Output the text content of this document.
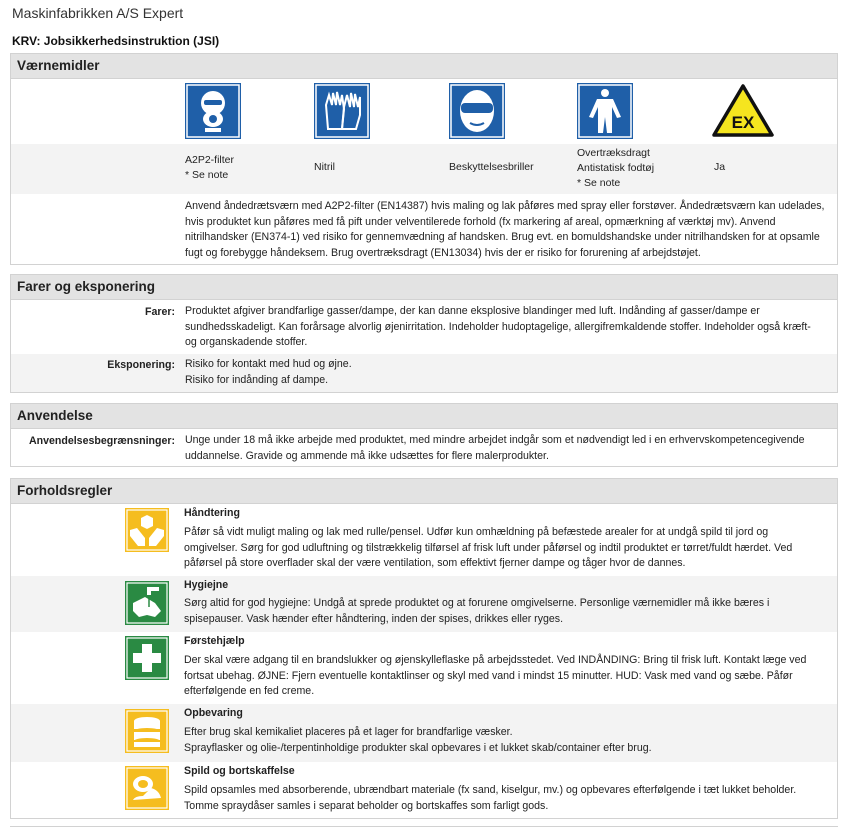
Maskinfabrikken A/S Expert
KRV: Jobsikkerhedsinstruktion (JSI)
Værnemidler
EX
A2P2-filter
* Se note
Nitril	Beskyttelsesbriller
Overtræksdragt
Antistatisk fodtøj
* Se note
Ja
Anvend åndedrætsværn med A2P2-filter (EN14387) hvis maling og lak påføres med spray eller forstøver. Åndedrætsværn kan udelades, hvis produktet kun påføres med få pift under velventilerede forhold (fx markering af areal, opmærkning af værktøj mv). Anvend nitrilhandsker (EN374-1) ved risiko for gennemvædning af handsken. Brug evt. en bomuldshandske under nitrilhandsken for at opsamle fugt og forebygge håndeksem. Brug overtræksdragt (EN13034) hvis der er risiko for forurening af arbejdstøjet.
Farer og eksponering
Farer: Produktet afgiver brandfarlige gasser/dampe, der kan danne eksplosive blandinger med luft. Indånding af gasser/dampe er sundhedsskadeligt. Kan forårsage alvorlig øjenirritation. Indeholder hudoptagelige, allergifremkaldende stoffer. Indeholder også kræft- og organskadende stoffer.
Eksponering: Risiko for kontakt med hud og øjne.
Risiko for indånding af dampe.
Anvendelse
Anvendelsesbegrænsninger: Unge under 18 må ikke arbejde med produktet, med mindre arbejdet indgår som et nødvendigt led i en erhvervskompetencegivende uddannelse. Gravide og ammende må ikke udsættes for flere malerprodukter.
Forholdsregler
Håndtering
Påfør så vidt muligt maling og lak med rulle/pensel. Udfør kun omhældning på befæstede arealer for at undgå spild til jord og omgivelser. Sørg for god udluftning og tilstrækkelig tilførsel af frisk luft under påførsel og indtil produktet er tørret/fuldt hærdet. Ved påførsel på store overflader skal der være ventilation, som effektivt fjerner dampe og tåger hvor de dannes.
Hygiejne
Sørg altid for god hygiejne: Undgå at sprede produktet og at forurene omgivelserne. Personlige værnemidler må ikke bæres i spisepauser. Vask hænder efter håndtering, inden der spises, drikkes eller ryges.
Førstehjælp
Der skal være adgang til en brandslukker og øjenskylleflaske på arbejdsstedet. Ved INDÅNDING: Bring til frisk luft. Kontakt læge ved fortsat ubehag. ØJNE: Fjern eventuelle kontaktlinser og skyl med vand i mindst 15 minutter. HUD: Vask med vand og sæbe. Påfør efterfølgende en fed creme.
Opbevaring
Efter brug skal kemikaliet placeres på et lager for brandfarlige væsker.
Sprayflasker og olie-/terpentinholdige produkter skal opbevares i et lukket skab/container efter brug.
Spild og bortskaffelse
Spild opsamles med absorberende, ubrændbart materiale (fx sand, kiselgur, mv.) og opbevares efterfølgende i tæt lukket beholder. Tomme spraydåser samles i separat beholder og bortskaffes som farligt gods.
